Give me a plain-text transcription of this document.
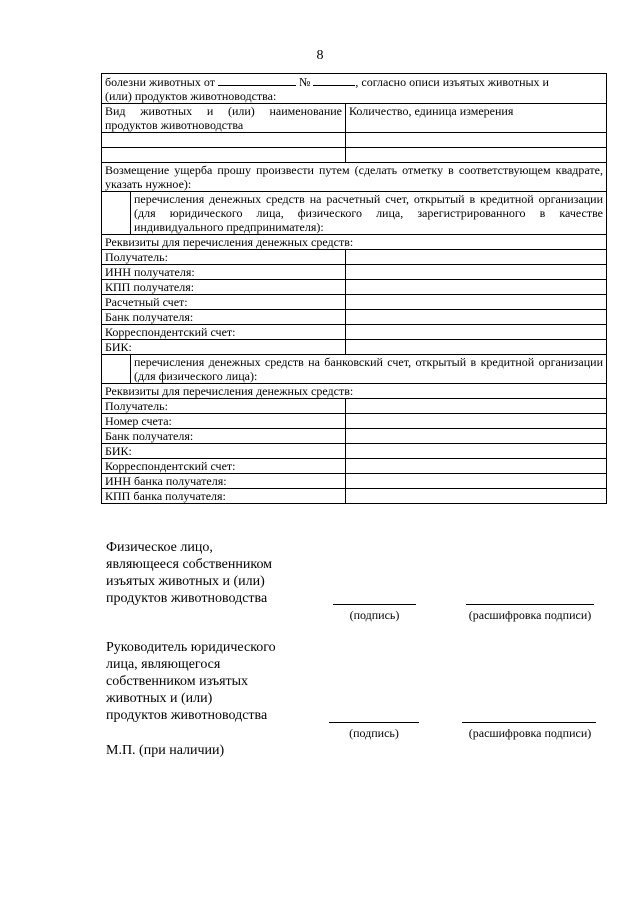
8
болезни животных от № , согласно описи изъятых животных и
(или) продуктов животноводства:		
Вид животных и (или) наименование продуктов животноводства		Количество, единица измерения

Возмещение ущерба прошу произвести путем (сделать отметку в соответствующем квадрате, указать нужное):		
	перечисления денежных средств на расчетный счет, открытый в кредитной организации (для юридического лица, физического лица, зарегистрированного в качестве индивидуального предпринимателя):	
Реквизиты для перечисления денежных средств:		
Получатель:		
ИНН получателя:		
КПП получателя:		
Расчетный счет:		
Банк получателя:		
Корреспондентский счет:		
БИК:		
	перечисления денежных средств на банковский счет, открытый в кредитной организации (для физического лица):	
Реквизиты для перечисления денежных средств:		
Получатель:		
Номер счета:		
Банк получателя:		
БИК:		
Корреспондентский счет:		
ИНН банка получателя:		
КПП банка получателя:		
Физическое лицо,
являющееся собственником
изъятых животных и (или)
продуктов животноводства
(подпись)	(расшифровка подписи)
Руководитель юридического
лица, являющегося
собственником изъятых
животных и (или)
продуктов животноводства
(подпись)	(расшифровка подписи)
М.П. (при наличии)
